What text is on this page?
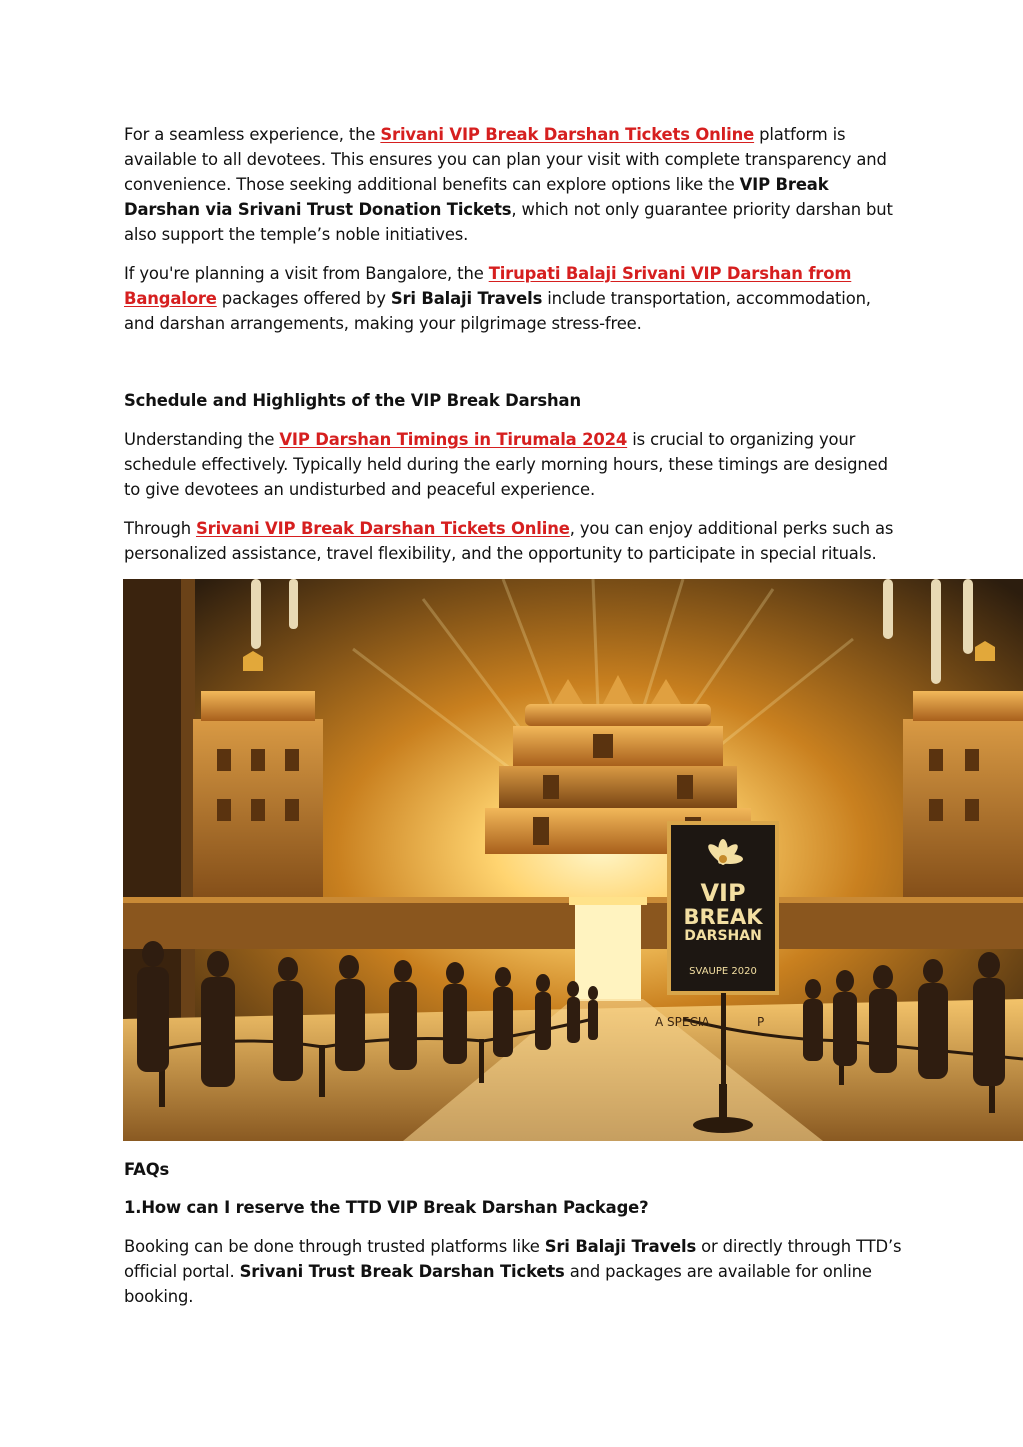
For a seamless experience, the Srivani VIP Break Darshan Tickets Online platform is available to all devotees. This ensures you can plan your visit with complete transparency and convenience. Those seeking additional benefits can explore options like the VIP Break Darshan via Srivani Trust Donation Tickets, which not only guarantee priority darshan but also support the temple’s noble initiatives.

If you're planning a visit from Bangalore, the Tirupati Balaji Srivani VIP Darshan from Bangalore packages offered by Sri Balaji Travels include transportation, accommodation, and darshan arrangements, making your pilgrimage stress-free.

Schedule and Highlights of the VIP Break Darshan

Understanding the VIP Darshan Timings in Tirumala 2024 is crucial to organizing your schedule effectively. Typically held during the early morning hours, these timings are designed to give devotees an undisturbed and peaceful experience.

Through Srivani VIP Break Darshan Tickets Online, you can enjoy additional perks such as personalized assistance, travel flexibility, and the opportunity to participate in special rituals.

VIP
BREAK
DARSHAN
SVAUPE 2020
A SPECIA	P

FAQs

1.How can I reserve the TTD VIP Break Darshan Package?

Booking can be done through trusted platforms like Sri Balaji Travels or directly through TTD’s official portal. Srivani Trust Break Darshan Tickets and packages are available for online booking.
